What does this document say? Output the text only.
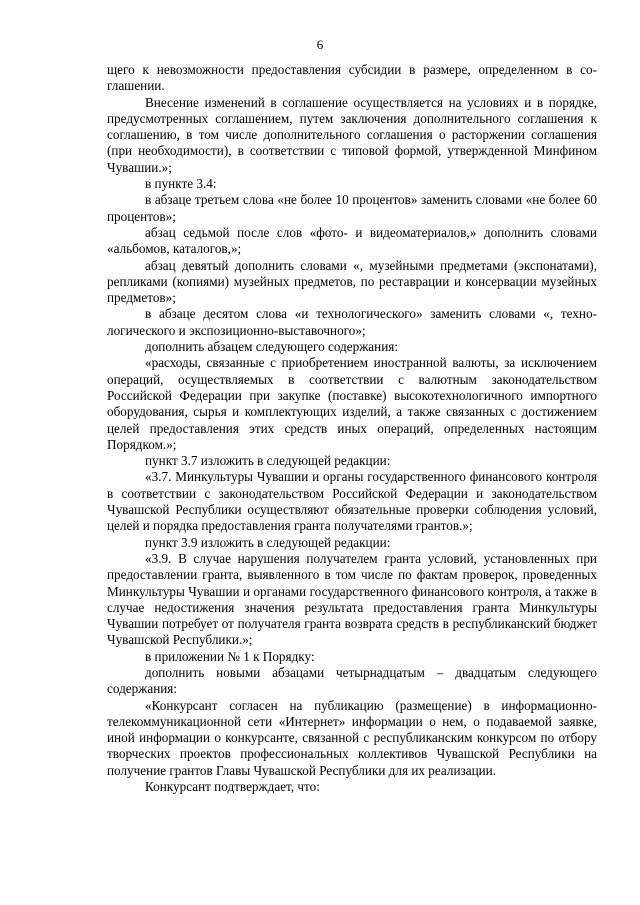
6

щего к невозможности предоставления субсидии в размере, определенном в соглашении.

Внесение изменений в соглашение осуществляется на условиях и в порядке, предусмотренных соглашением, путем заключения дополнительного соглашения к соглашению, в том числе дополнительного соглашения о расторжении соглашения (при необходимости), в соответствии с типовой формой, утвержденной Минфином Чувашии.»;

в пункте 3.4:

в абзаце третьем слова «не более 10 процентов» заменить словами «не более 60 процентов»;

абзац седьмой после слов «фото- и видеоматериалов,» дополнить словами «альбомов, каталогов,»;

абзац девятый дополнить словами «, музейными предметами (экспонатами), репликами (копиями) музейных предметов, по реставрации и консервации музейных предметов»;

в абзаце десятом слова «и технологического» заменить словами «, технологического и экспозиционно-выставочного»;

дополнить абзацем следующего содержания:

«расходы, связанные с приобретением иностранной валюты, за исключением операций, осуществляемых в соответствии с валютным законодательством Российской Федерации при закупке (поставке) высокотехнологичного импортного оборудования, сырья и комплектующих изделий, а также связанных с достижением целей предоставления этих средств иных операций, определенных настоящим Порядком.»;

пункт 3.7 изложить в следующей редакции:

«3.7. Минкультуры Чувашии и органы государственного финансового контроля в соответствии с законодательством Российской Федерации и законодательством Чувашской Республики осуществляют обязательные проверки соблюдения условий, целей и порядка предоставления гранта получателями грантов.»;

пункт 3.9 изложить в следующей редакции:

«3.9. В случае нарушения получателем гранта условий, установленных при предоставлении гранта, выявленного в том числе по фактам проверок, проведенных Минкультуры Чувашии и органами государственного финансового контроля, а также в случае недостижения значения результата предоставления гранта Минкультуры Чувашии потребует от получателя гранта возврата средств в республиканский бюджет Чувашской Республики.»;

в приложении № 1 к Порядку:

дополнить новыми абзацами четырнадцатым – двадцатым следующего содержания:

«Конкурсант согласен на публикацию (размещение) в информационно-телекоммуникационной сети «Интернет» информации о нем, о подаваемой заявке, иной информации о конкурсанте, связанной с республиканским конкурсом по отбору творческих проектов профессиональных коллективов Чувашской Республики на получение грантов Главы Чувашской Республики для их реализации.

Конкурсант подтверждает, что:
